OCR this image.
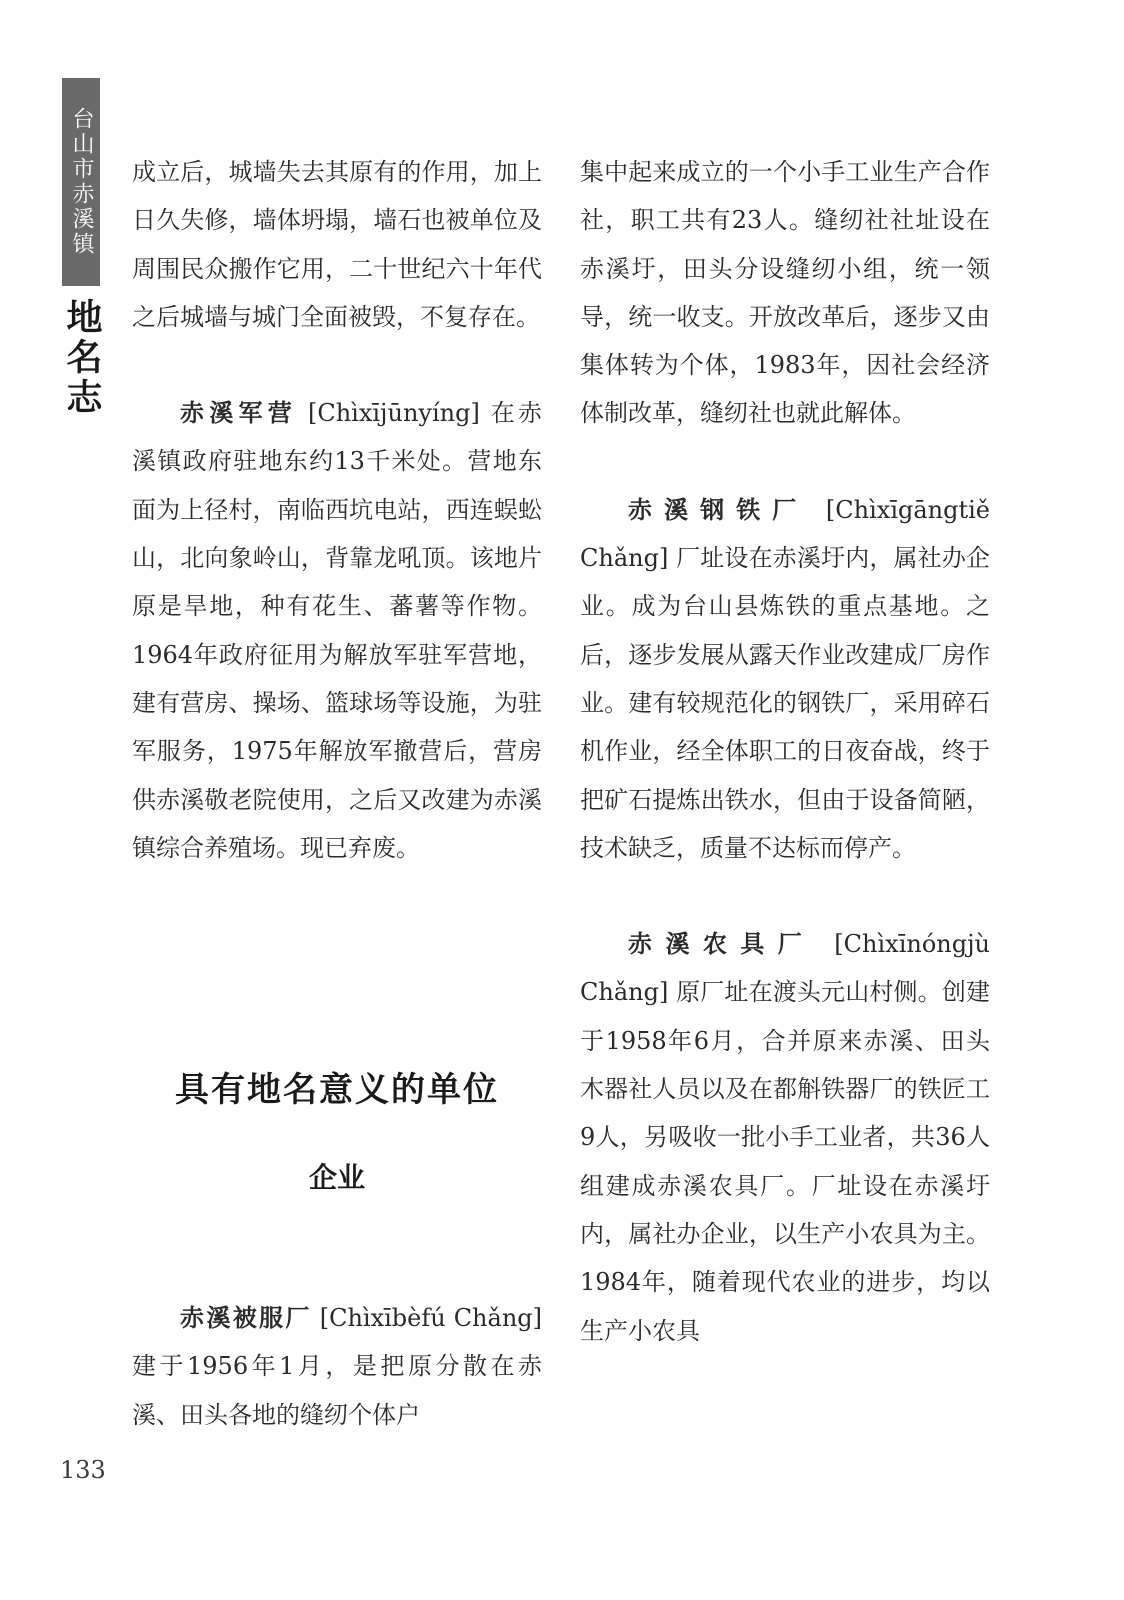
台山市赤溪镇
地名志

成立后，城墙失去其原有的作用，加上日久失修，墙体坍塌，墙石也被单位及周围民众搬作它用，二十世纪六十年代之后城墙与城门全面被毁，不复存在。

赤溪军营 [Chìxījūnyíng] 在赤溪镇政府驻地东约13千米处。营地东面为上径村，南临西坑电站，西连蜈蚣山，北向象岭山，背靠龙吼顶。该地片原是旱地，种有花生、蕃薯等作物。1964年政府征用为解放军驻军营地，建有营房、操场、篮球场等设施，为驻军服务，1975年解放军撤营后，营房供赤溪敬老院使用，之后又改建为赤溪镇综合养殖场。现已弃废。

具有地名意义的单位
企业

赤溪被服厂 [Chìxībèfú Chǎng] 建于1956年1月，是把原分散在赤溪、田头各地的缝纫个体户

集中起来成立的一个小手工业生产合作社，职工共有23人。缝纫社社址设在赤溪圩，田头分设缝纫小组，统一领导，统一收支。开放改革后，逐步又由集体转为个体，1983年，因社会经济体制改革，缝纫社也就此解体。

赤溪钢铁厂 [Chìxīgāngtiě Chǎng] 厂址设在赤溪圩内，属社办企业。成为台山县炼铁的重点基地。之后，逐步发展从露天作业改建成厂房作业。建有较规范化的钢铁厂，采用碎石机作业，经全体职工的日夜奋战，终于把矿石提炼出铁水，但由于设备简陋，技术缺乏，质量不达标而停产。

赤溪农具厂 [Chìxīnóngjù Chǎng] 原厂址在渡头元山村侧。创建于1958年6月，合并原来赤溪、田头木器社人员以及在都斛铁器厂的铁匠工9人，另吸收一批小手工业者，共36人组建成赤溪农具厂。厂址设在赤溪圩内，属社办企业，以生产小农具为主。1984年，随着现代农业的进步，均以生产小农具

133
